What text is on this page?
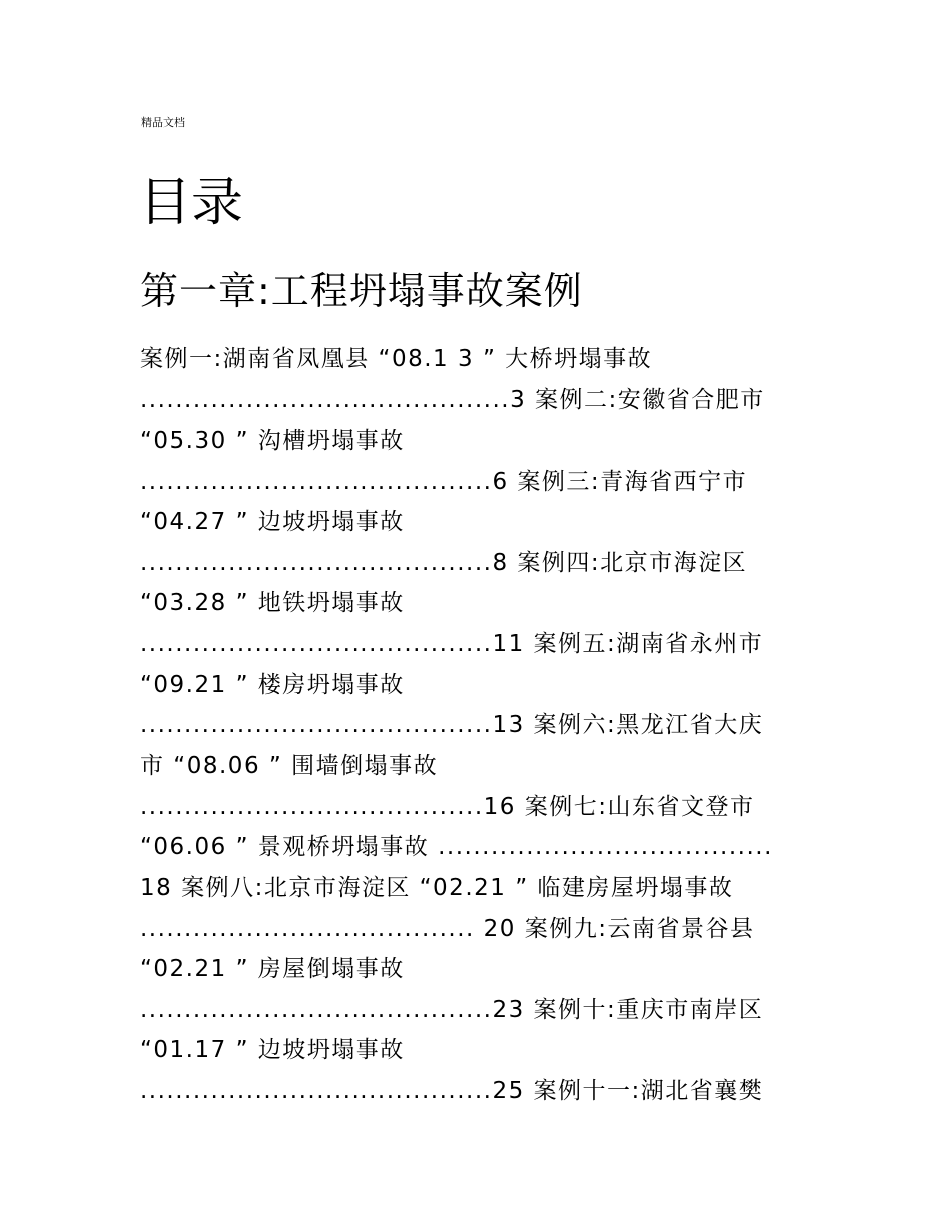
精品文档
目录
第一章:工程坍塌事故案例
案例一:湖南省凤凰县 “08.1 3 ” 大桥坍塌事故
..........................................3 案例二:安徽省合肥市
“05.30 ” 沟槽坍塌事故
........................................6 案例三:青海省西宁市
“04.27 ” 边坡坍塌事故
........................................8 案例四:北京市海淀区
“03.28 ” 地铁坍塌事故
........................................11 案例五:湖南省永州市
“09.21 ” 楼房坍塌事故
........................................13 案例六:黑龙江省大庆
市 “08.06 ” 围墙倒塌事故
.......................................16 案例七:山东省文登市
“06.06 ” 景观桥坍塌事故 ......................................
18 案例八:北京市海淀区 “02.21 ” 临建房屋坍塌事故
...................................... 20 案例九:云南省景谷县
“02.21 ” 房屋倒塌事故
........................................23 案例十:重庆市南岸区
“01.17 ” 边坡坍塌事故
........................................25 案例十一:湖北省襄樊
